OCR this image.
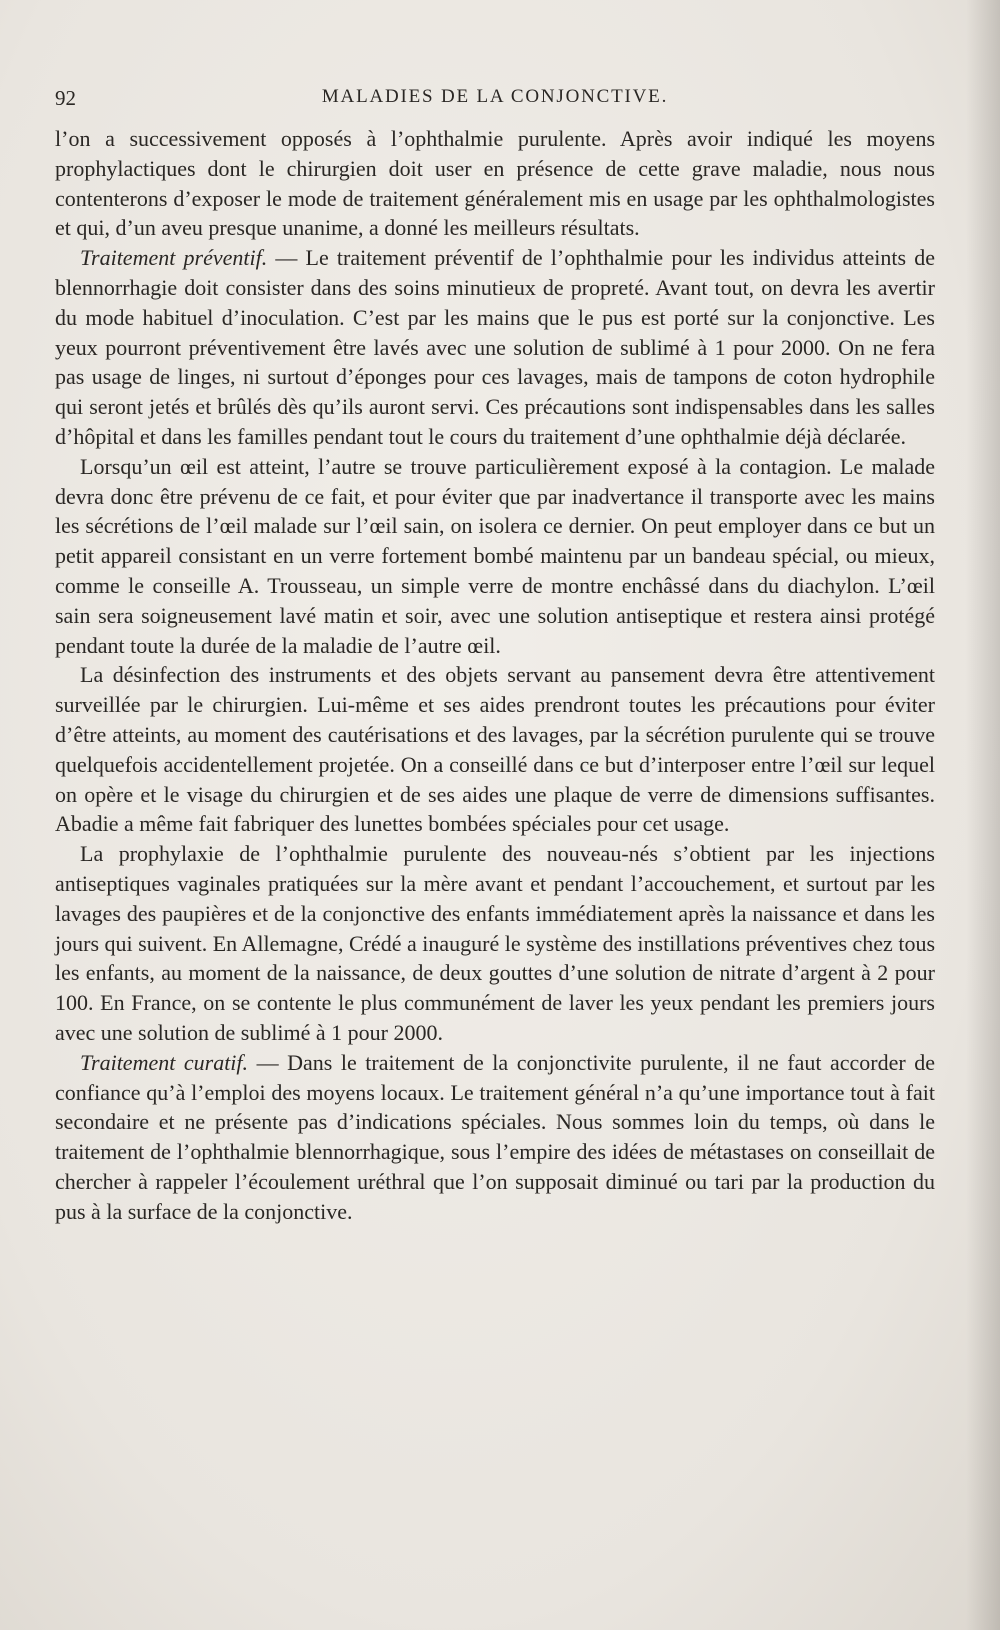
92	MALADIES DE LA CONJONCTIVE.

l’on a successivement opposés à l’ophthalmie purulente. Après avoir indiqué les moyens prophylactiques dont le chirurgien doit user en présence de cette grave maladie, nous nous contenterons d’exposer le mode de traitement généralement mis en usage par les ophthalmologistes et qui, d’un aveu presque unanime, a donné les meilleurs résultats.

Traitement préventif. — Le traitement préventif de l’ophthalmie pour les individus atteints de blennorrhagie doit consister dans des soins minutieux de propreté. Avant tout, on devra les avertir du mode habituel d’inoculation. C’est par les mains que le pus est porté sur la conjonctive. Les yeux pourront préventivement être lavés avec une solution de sublimé à 1 pour 2000. On ne fera pas usage de linges, ni surtout d’éponges pour ces lavages, mais de tampons de coton hydrophile qui seront jetés et brûlés dès qu’ils auront servi. Ces précautions sont indispensables dans les salles d’hôpital et dans les familles pendant tout le cours du traitement d’une ophthalmie déjà déclarée.

Lorsqu’un œil est atteint, l’autre se trouve particulièrement exposé à la contagion. Le malade devra donc être prévenu de ce fait, et pour éviter que par inadvertance il transporte avec les mains les sécrétions de l’œil malade sur l’œil sain, on isolera ce dernier. On peut employer dans ce but un petit appareil consistant en un verre fortement bombé maintenu par un bandeau spécial, ou mieux, comme le conseille A. Trousseau, un simple verre de montre enchâssé dans du diachylon. L’œil sain sera soigneusement lavé matin et soir, avec une solution antiseptique et restera ainsi protégé pendant toute la durée de la maladie de l’autre œil.

La désinfection des instruments et des objets servant au pansement devra être attentivement surveillée par le chirurgien. Lui-même et ses aides prendront toutes les précautions pour éviter d’être atteints, au moment des cautérisations et des lavages, par la sécrétion purulente qui se trouve quelquefois accidentellement projetée. On a conseillé dans ce but d’interposer entre l’œil sur lequel on opère et le visage du chirurgien et de ses aides une plaque de verre de dimensions suffisantes. Abadie a même fait fabriquer des lunettes bombées spéciales pour cet usage.

La prophylaxie de l’ophthalmie purulente des nouveau-nés s’obtient par les injections antiseptiques vaginales pratiquées sur la mère avant et pendant l’accouchement, et surtout par les lavages des paupières et de la conjonctive des enfants immédiatement après la naissance et dans les jours qui suivent. En Allemagne, Crédé a inauguré le système des instillations préventives chez tous les enfants, au moment de la naissance, de deux gouttes d’une solution de nitrate d’argent à 2 pour 100. En France, on se contente le plus communément de laver les yeux pendant les premiers jours avec une solution de sublimé à 1 pour 2000.

Traitement curatif. — Dans le traitement de la conjonctivite purulente, il ne faut accorder de confiance qu’à l’emploi des moyens locaux. Le traitement général n’a qu’une importance tout à fait secondaire et ne présente pas d’indications spéciales. Nous sommes loin du temps, où dans le traitement de l’ophthalmie blennorrhagique, sous l’empire des idées de métastases on conseillait de chercher à rappeler l’écoulement uréthral que l’on supposait diminué ou tari par la production du pus à la surface de la conjonctive.
